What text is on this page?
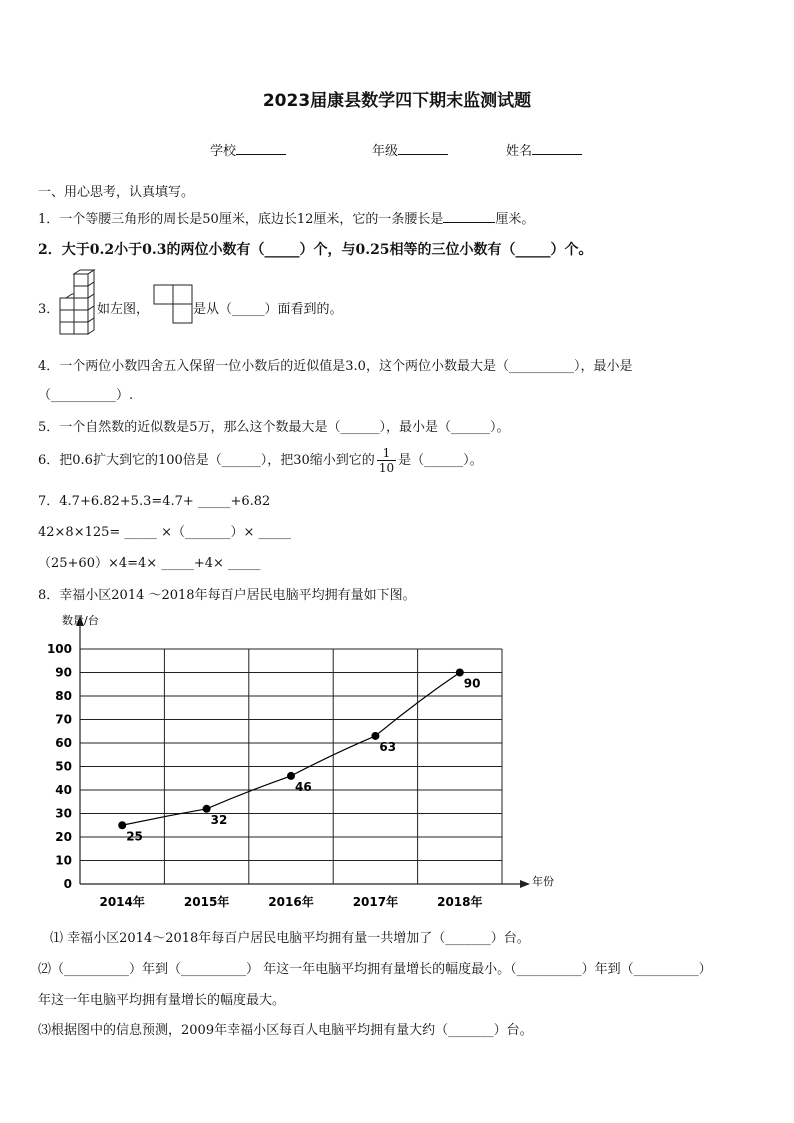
2023届康县数学四下期末监测试题
学校	年级	姓名
一、用心思考，认真填写。
1．一个等腰三角形的周长是50厘米，底边长12厘米，它的一条腰长是	厘米。
2．大于0.2小于0.3的两位小数有（_____）个，与0.25相等的三位小数有（_____）个。
3．	如左图，	是从（_____）面看到的。
4．一个两位小数四舍五入保留一位小数后的近似值是3.0，这个两位小数最大是（__________），最小是
（__________）.
5．一个自然数的近似数是5万，那么这个数最大是（______），最小是（______）。
6．把0.6扩大到它的100倍是（______），把30缩小到它的 $\frac{1}{10}$ 是（______）。
7．4.7+6.82+5.3=4.7+ _____+6.82
42×8×125= _____ ×（_______）× _____
（25+60）×4=4× _____+4× _____
8．幸福小区2014 ～2018年每百户居民电脑平均拥有量如下图。
0
10
20
30
40
50
60
70
80
90
100
数量/台
年份
25
2014年
32
2015年
46
2016年
63
2017年
90
2018年
⑴ 幸福小区2014～2018年每百户居民电脑平均拥有量一共增加了（_______）台。
⑵（__________）年到（__________） 年这一年电脑平均拥有量增长的幅度最小。（__________）年到（__________）
年这一年电脑平均拥有量增长的幅度最大。
⑶根据图中的信息预测，2009年幸福小区每百人电脑平均拥有量大约（_______）台。
